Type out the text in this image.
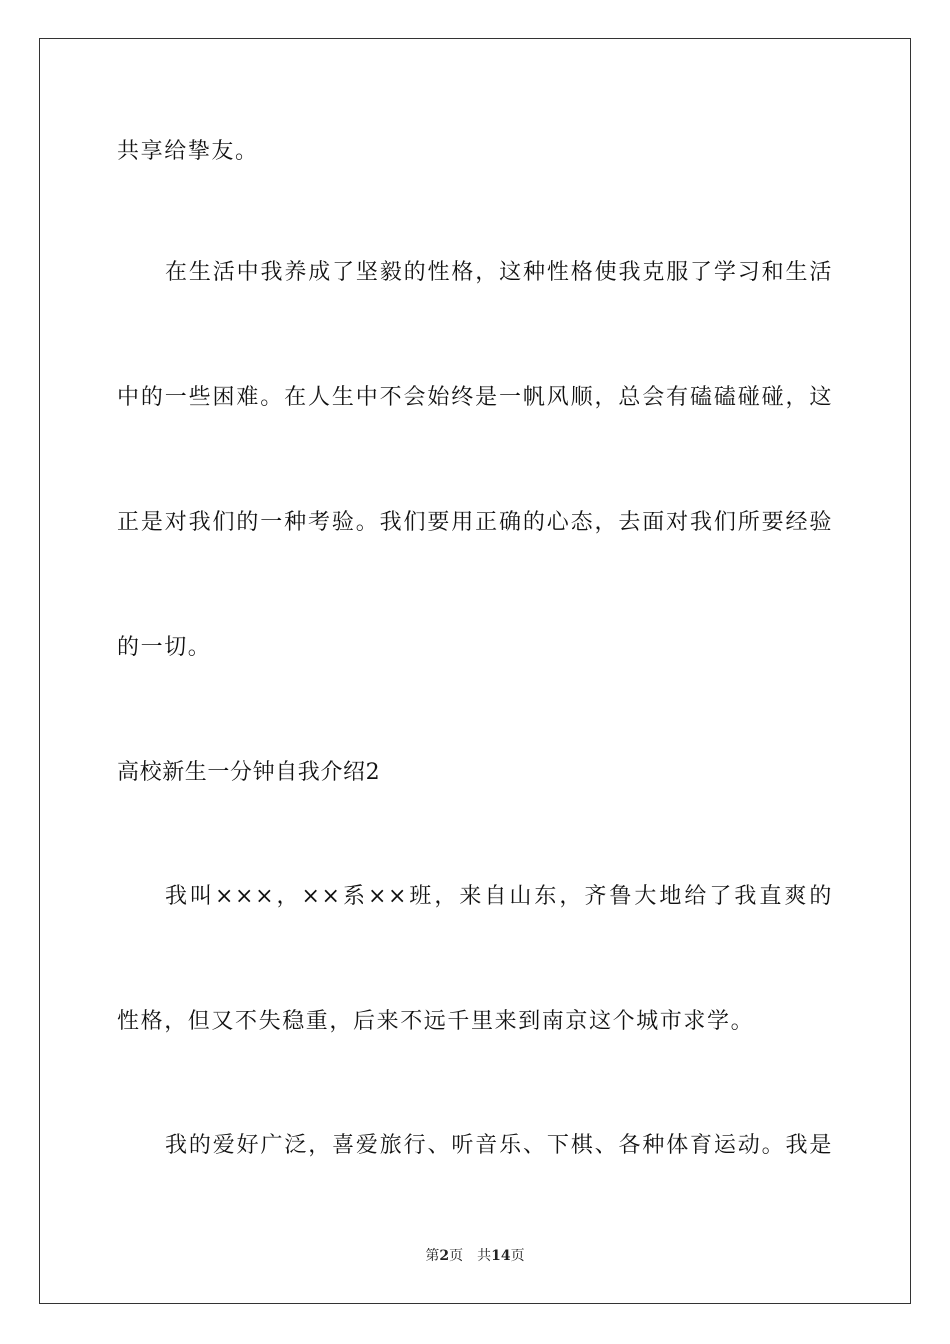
共享给挚友。
在生活中我养成了坚毅的性格，这种性格使我克服了学习和生活
中的一些困难。在人生中不会始终是一帆风顺，总会有磕磕碰碰，这
正是对我们的一种考验。我们要用正确的心态，去面对我们所要经验
的一切。
高校新生一分钟自我介绍2
我叫×××，××系××班，来自山东，齐鲁大地给了我直爽的
性格，但又不失稳重，后来不远千里来到南京这个城市求学。
我的爱好广泛，喜爱旅行、听音乐、下棋、各种体育运动。我是
第2页 共14页
